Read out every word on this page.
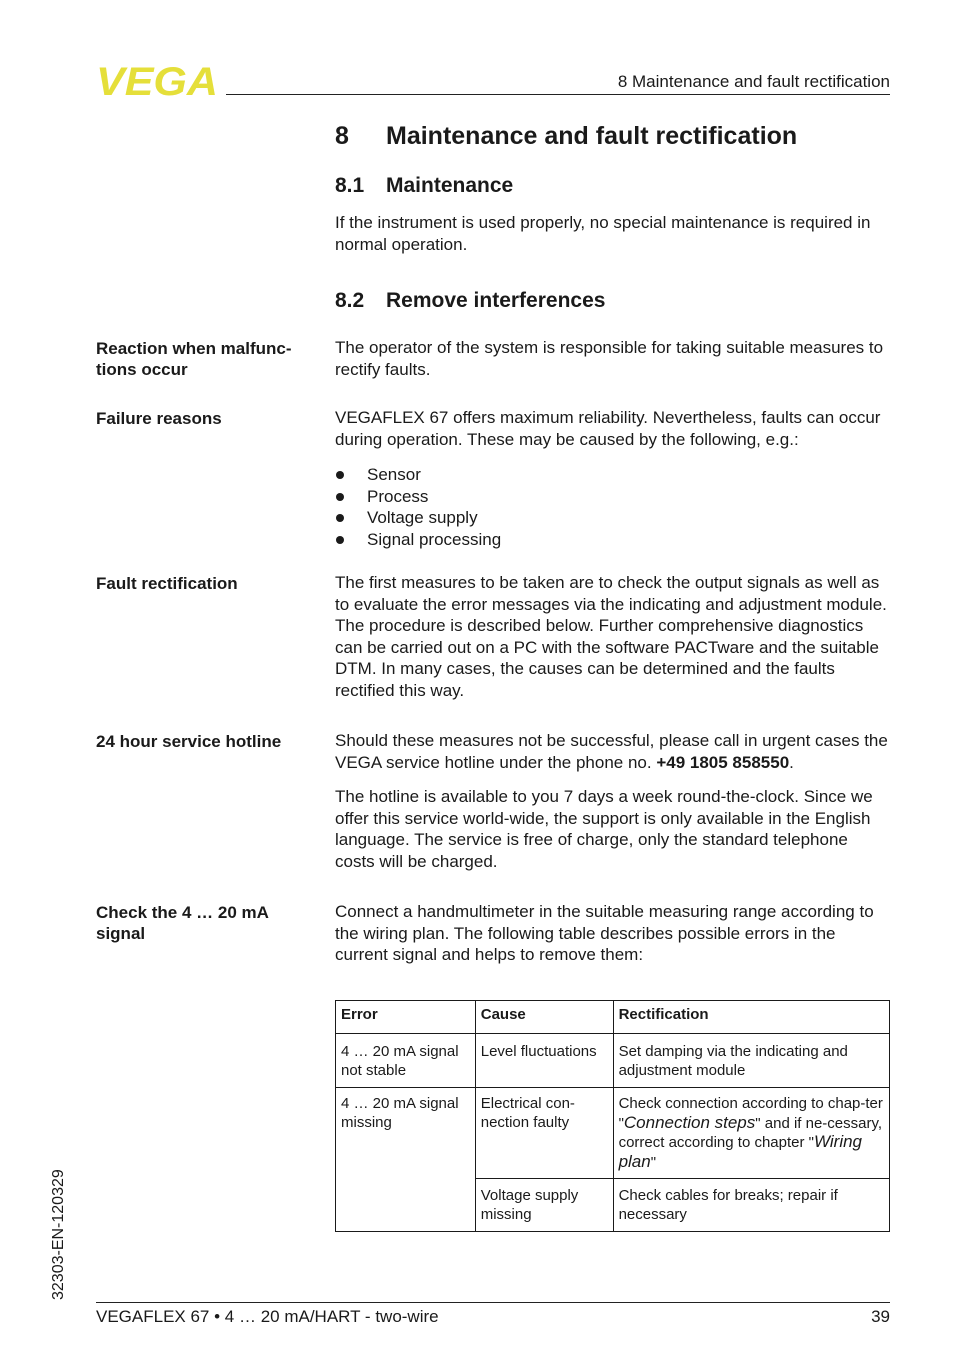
VEGA	8 Maintenance and fault rectification
8 Maintenance and fault rectification
8.1 Maintenance

If the instrument is used properly, no special maintenance is required in normal operation.

8.2 Remove interferences

Reaction when malfunc-tions occur

The operator of the system is responsible for taking suitable measures to rectify faults.

Failure reasons	VEGAFLEX 67 offers maximum reliability. Nevertheless, faults can occur during operation. These may be caused by the following, e.g.:

Sensor
Process
Voltage supply
Signal processing

Fault rectification	The first measures to be taken are to check the output signals as well as to evaluate the error messages via the indicating and adjustment module. The procedure is described below. Further comprehensive diagnostics can be carried out on a PC with the software PACTware and the suitable DTM. In many cases, the causes can be determined and the faults rectified this way.

24 hour service hotline	Should these measures not be successful, please call in urgent cases the VEGA service hotline under the phone no. +49 1805 858550.

The hotline is available to you 7 days a week round-the-clock. Since we offer this service world-wide, the support is only available in the English language. The service is free of charge, only the standard telephone costs will be charged.

Check the 4 … 20 mA signal

Connect a handmultimeter in the suitable measuring range according to the wiring plan. The following table describes possible errors in the current signal and helps to remove them:

Error	Cause	Rectification
4 … 20 mA signal not stable	Level fluctuations	Set damping via the indicating and adjustment module
4 … 20 mA signal missing	Electrical con-nection faulty	Check connection according to chap-ter "Connection steps" and if ne-cessary, correct according to chapter "Wiring plan"
	Voltage supply missing	Check cables for breaks; repair if necessary
32303-EN-120329
VEGAFLEX 67 • 4 … 20 mA/HART - two-wire	39
